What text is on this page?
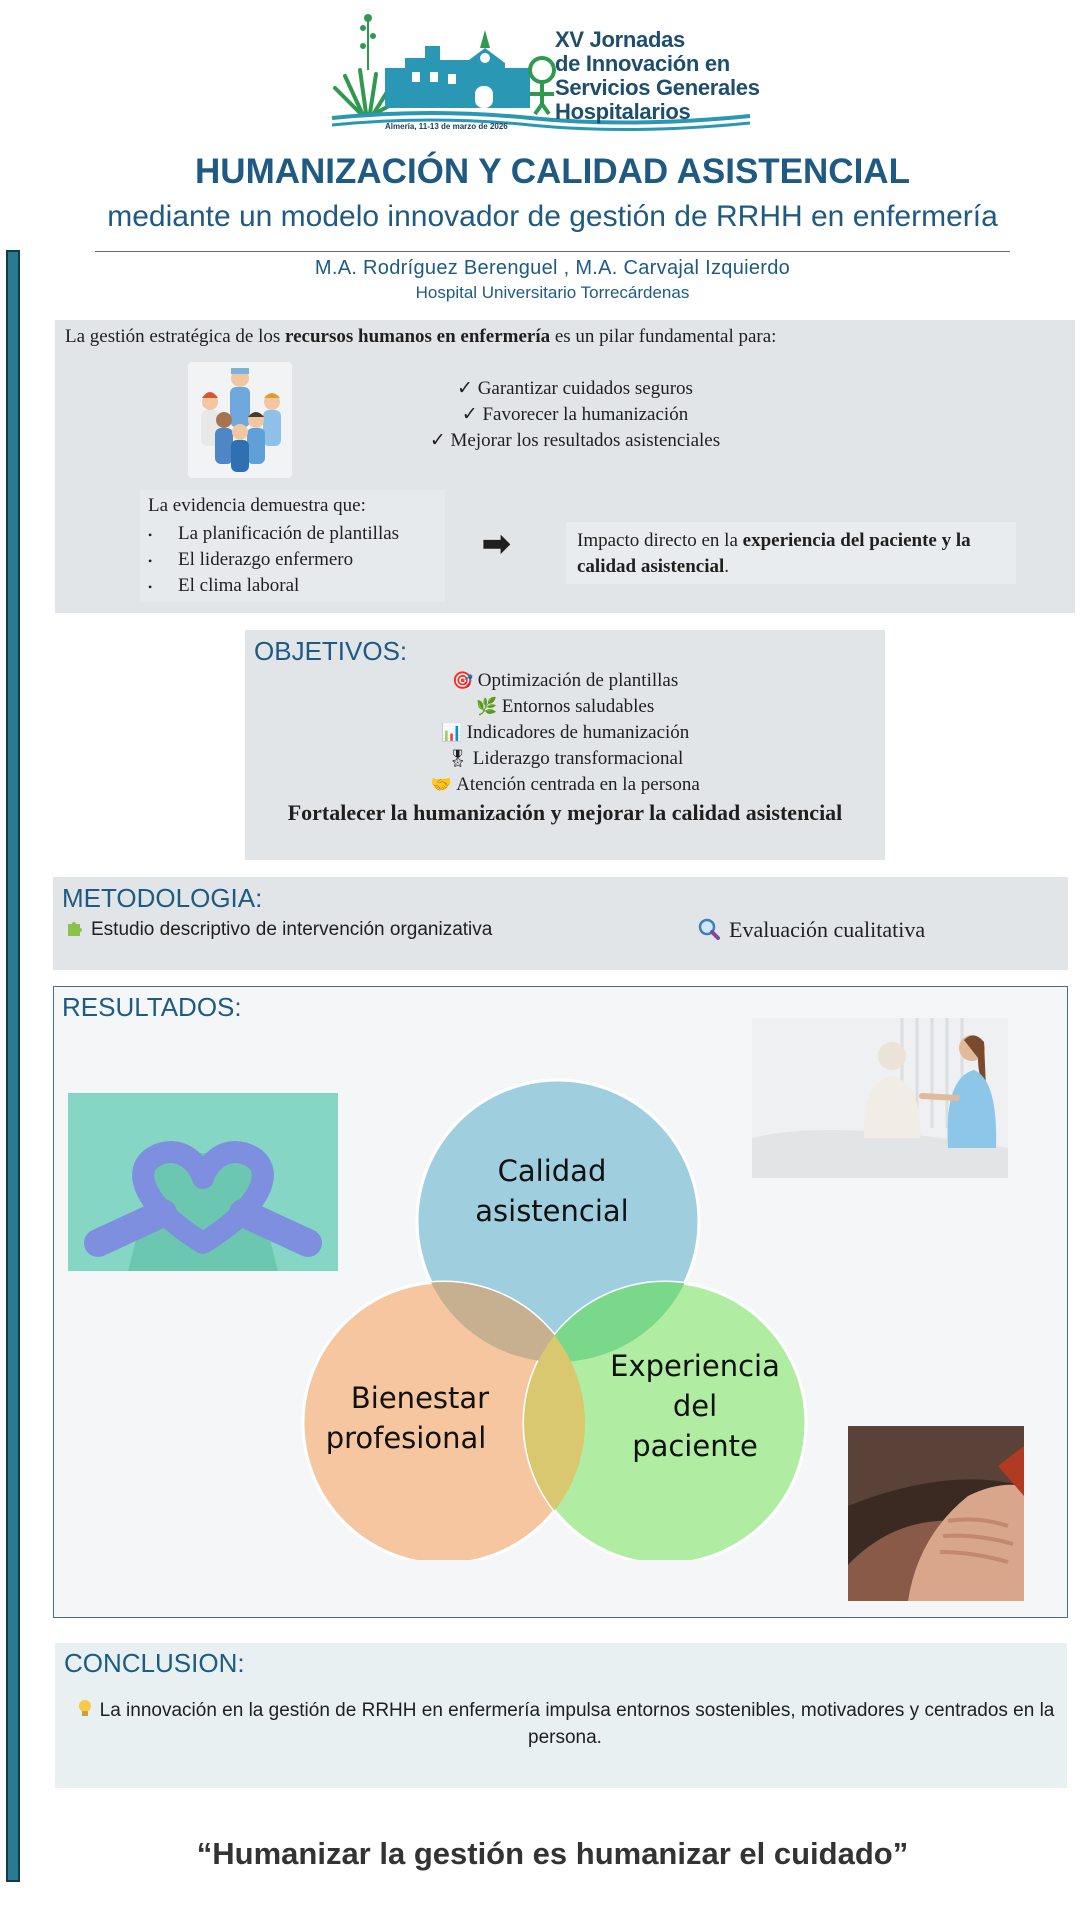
XV Jornadas
de Innovación en
Servicios Generales
Hospitalarios
Almería, 11-13 de marzo de 2026
HUMANIZACIÓN Y CALIDAD ASISTENCIAL
mediante un modelo innovador de gestión de RRHH en enfermería
M.A. Rodríguez Berenguel , M.A. Carvajal Izquierdo
Hospital Universitario Torrecárdenas
La gestión estratégica de los recursos humanos en enfermería es un pilar fundamental para:
✓ Garantizar cuidados seguros
✓ Favorecer la humanización
✓ Mejorar los resultados asistenciales
La evidencia demuestra que:
• La planificación de plantillas
• El liderazgo enfermero
• El clima laboral
➡	Impacto directo en la experiencia del paciente y la calidad asistencial.
OBJETIVOS:
🎯 Optimización de plantillas
🌿 Entornos saludables
📊 Indicadores de humanización
🎖 Liderazgo transformacional
🤝 Atención centrada en la persona
Fortalecer la humanización y mejorar la calidad asistencial
METODOLOGIA:
Estudio descriptivo de intervención organizativa	Evaluación cualitativa
RESULTADOS:
Calidad
asistencial
Bienestar
profesional
Experiencia
del
paciente
CONCLUSION:
La innovación en la gestión de RRHH en enfermería impulsa entornos sostenibles, motivadores y centrados en la persona.
“Humanizar la gestión es humanizar el cuidado”
